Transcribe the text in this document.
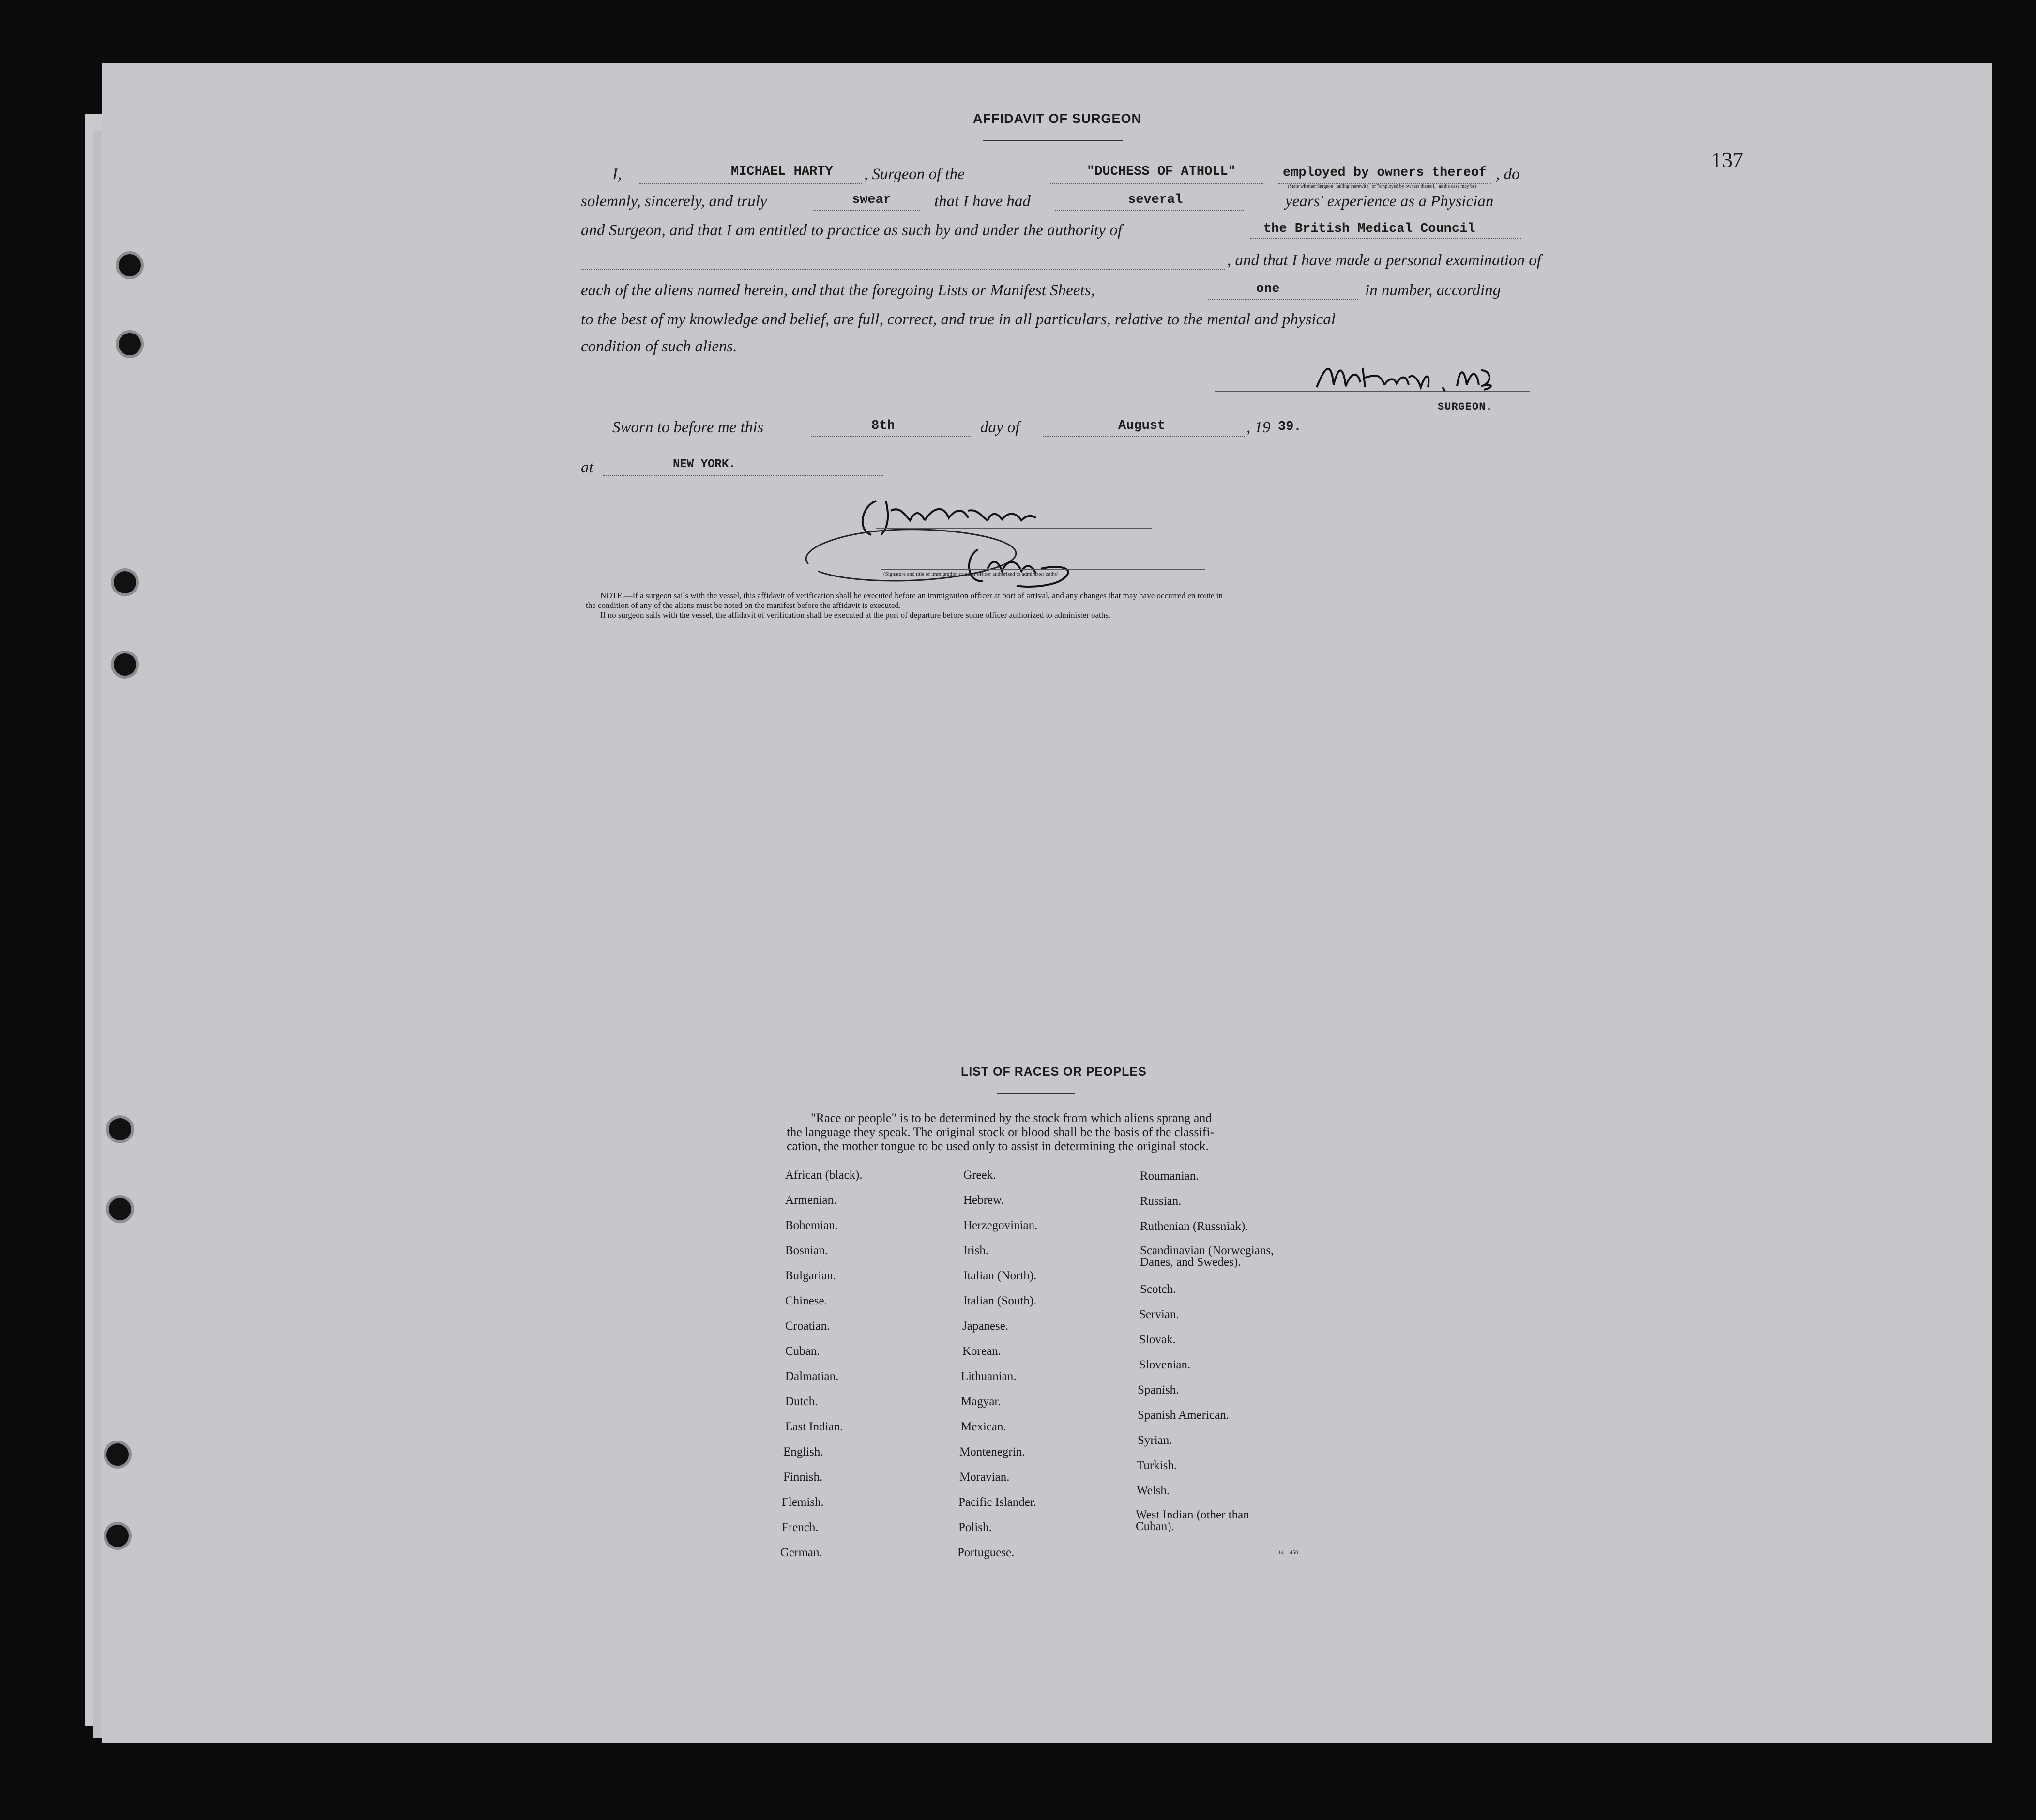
137
AFFIDAVIT OF SURGEON
I,	MICHAEL HARTY , Surgeon of the	"DUCHESS OF ATHOLL"	employed by owners thereof , do
(State whether Surgeon "sailing therewith" or "employed by owners thereof," as the case may be)
solemnly, sincerely, and truly	swear	that I have had	several	years' experience as a Physician
and Surgeon, and that I am entitled to practice as such by and under the authority of	the British Medical Council
, and that I have made a personal examination of
each of the aliens named herein, and that the foregoing Lists or Manifest Sheets,	one	in number, according
to the best of my knowledge and belief, are full, correct, and true in all particulars, relative to the mental and physical
condition of such aliens.
SURGEON.
Sworn to before me this	8th	day of	August	, 19 39.
at	NEW YORK.
(Signature and title of immigration or other officer authorized to administer oaths)
NOTE.—If a surgeon sails with the vessel, this affidavit of verification shall be executed before an immigration officer at port of arrival, and any changes that may have occurred en route in
the condition of any of the aliens must be noted on the manifest before the affidavit is executed.
If no surgeon sails with the vessel, the affidavit of verification shall be executed at the port of departure before some officer authorized to administer oaths.
LIST OF RACES OR PEOPLES
"Race or people" is to be determined by the stock from which aliens sprang and
the language they speak. The original stock or blood shall be the basis of the classifi-
cation, the mother tongue to be used only to assist in determining the original stock.
African (black).
Armenian.
Bohemian.
Bosnian.
Bulgarian.
Chinese.
Croatian.
Cuban.
Dalmatian.
Dutch.
East Indian.
English.
Finnish.
Flemish.
French.
German.
Greek.
Hebrew.
Herzegovinian.
Irish.
Italian (North).
Italian (South).
Japanese.
Korean.
Lithuanian.
Magyar.
Mexican.
Montenegrin.
Moravian.
Pacific Islander.
Polish.
Portuguese.
Roumanian.
Russian.
Ruthenian (Russniak).
Scandinavian (Norwegians, Danes, and Swedes).
Scotch.
Servian.
Slovak.
Slovenian.
Spanish.
Spanish American.
Syrian.
Turkish.
Welsh.
West Indian (other than Cuban).
14—450
